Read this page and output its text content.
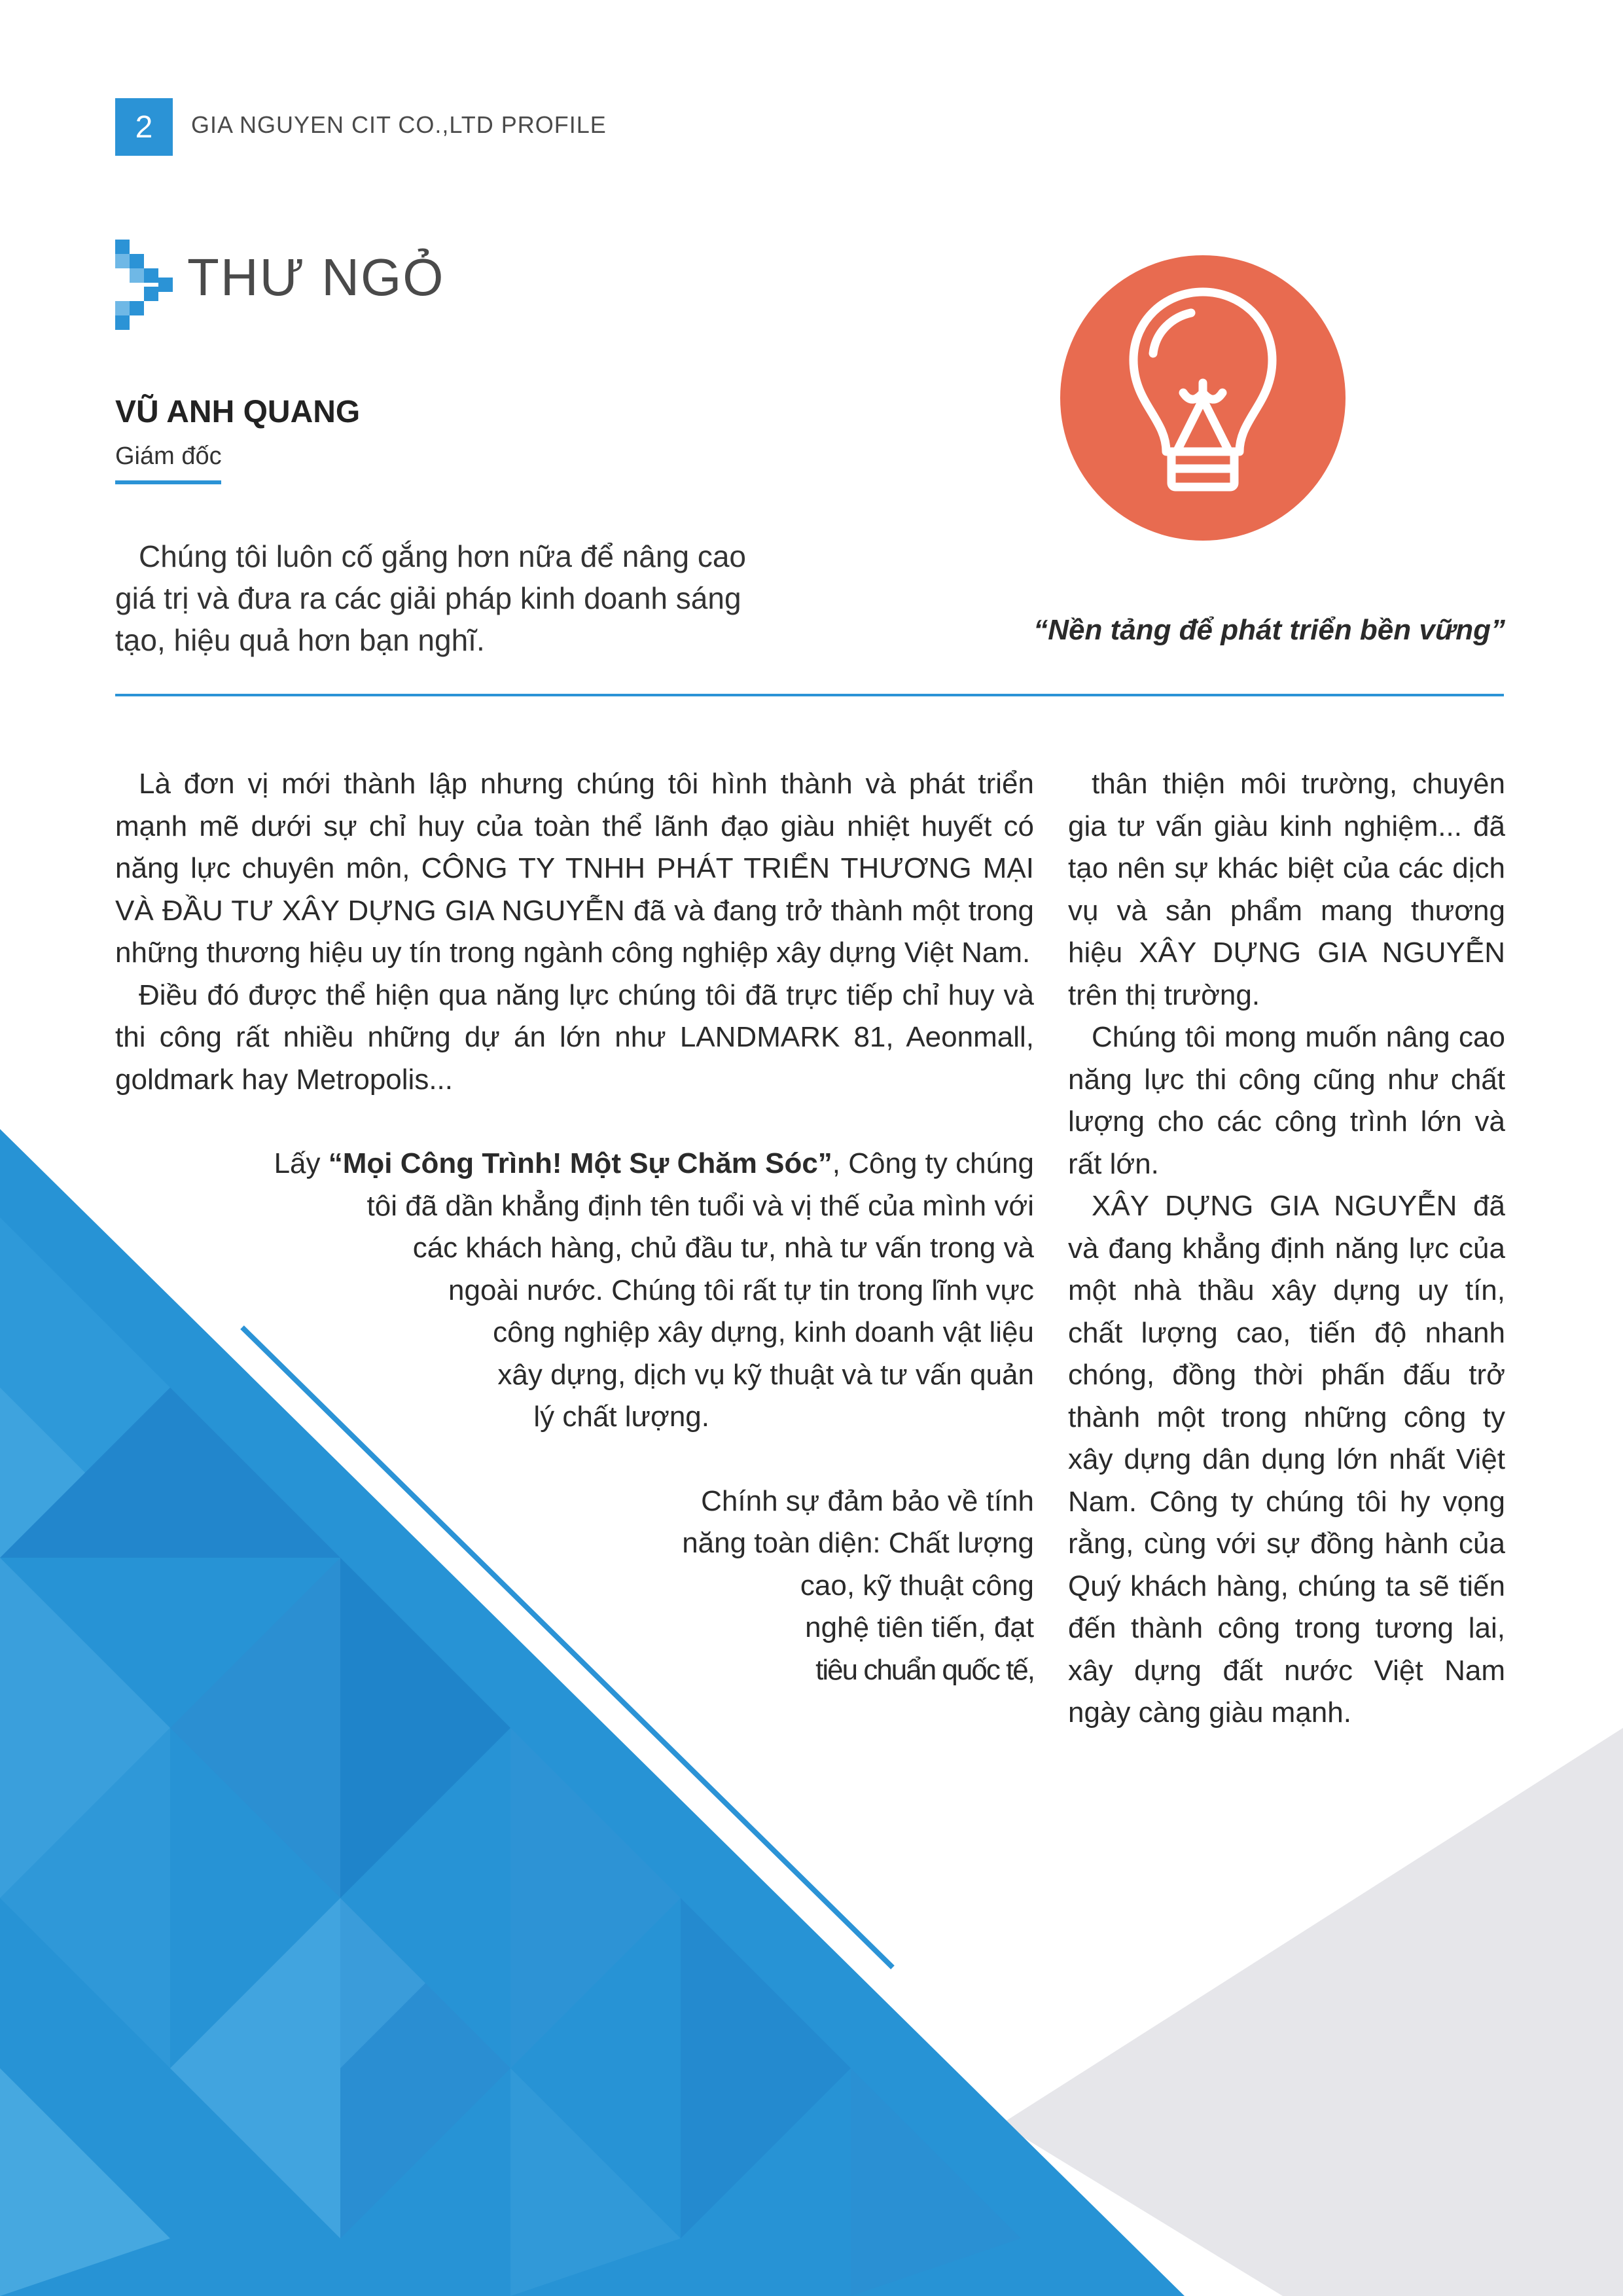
2	GIA NGUYEN CIT CO.,LTD PROFILE
THƯ NGỎ
VŨ ANH QUANG
Giám đốc

Chúng tôi luôn cố gắng hơn nữa để nâng cao giá trị và đưa ra các giải pháp kinh doanh sáng tạo, hiệu quả hơn bạn nghĩ.	“Nền tảng để phát triển bền vững”

Là đơn vị mới thành lập nhưng chúng tôi hình thành và phát triển mạnh mẽ dưới sự chỉ huy của toàn thể lãnh đạo giàu nhiệt huyết có năng lực chuyên môn, CÔNG TY TNHH PHÁT TRIỂN THƯƠNG MẠI VÀ ĐẦU TƯ XÂY DỰNG GIA NGUYỄN đã và đang trở thành một trong những thương hiệu uy tín trong ngành công nghiệp xây dựng Việt Nam.

Điều đó được thể hiện qua năng lực chúng tôi đã trực tiếp chỉ huy và thi công rất nhiều những dự án lớn như LANDMARK 81, Aeonmall, goldmark hay Metropolis...

Lấy “Mọi Công Trình! Một Sự Chăm Sóc”, Công ty chúng
tôi đã dần khẳng định tên tuổi và vị thế của mình với
các khách hàng, chủ đầu tư, nhà tư vấn trong và
ngoài nước. Chúng tôi rất tự tin trong lĩnh vực
công nghiệp xây dựng, kinh doanh vật liệu
xây dựng, dịch vụ kỹ thuật và tư vấn quản
lý chất lượng.

Chính sự đảm bảo về tính
năng toàn diện: Chất lượng
cao, kỹ thuật công
nghệ tiên tiến, đạt
tiêu chuẩn quốc tế,

thân thiện môi trường, chuyên gia tư vấn giàu kinh nghiệm... đã tạo nên sự khác biệt của các dịch vụ và sản phẩm mang thương hiệu XÂY DỰNG GIA NGUYỄN trên thị trường.

Chúng tôi mong muốn nâng cao năng lực thi công cũng như chất lượng cho các công trình lớn và rất lớn.

XÂY DỰNG GIA NGUYỄN đã và đang khẳng định năng lực của một nhà thầu xây dựng uy tín, chất lượng cao, tiến độ nhanh chóng, đồng thời phấn đấu trở thành một trong những công ty xây dựng dân dụng lớn nhất Việt Nam. Công ty chúng tôi hy vọng rằng, cùng với sự đồng hành của Quý khách hàng, chúng ta sẽ tiến đến thành công trong tương lai, xây dựng đất nước Việt Nam ngày càng giàu mạnh.
